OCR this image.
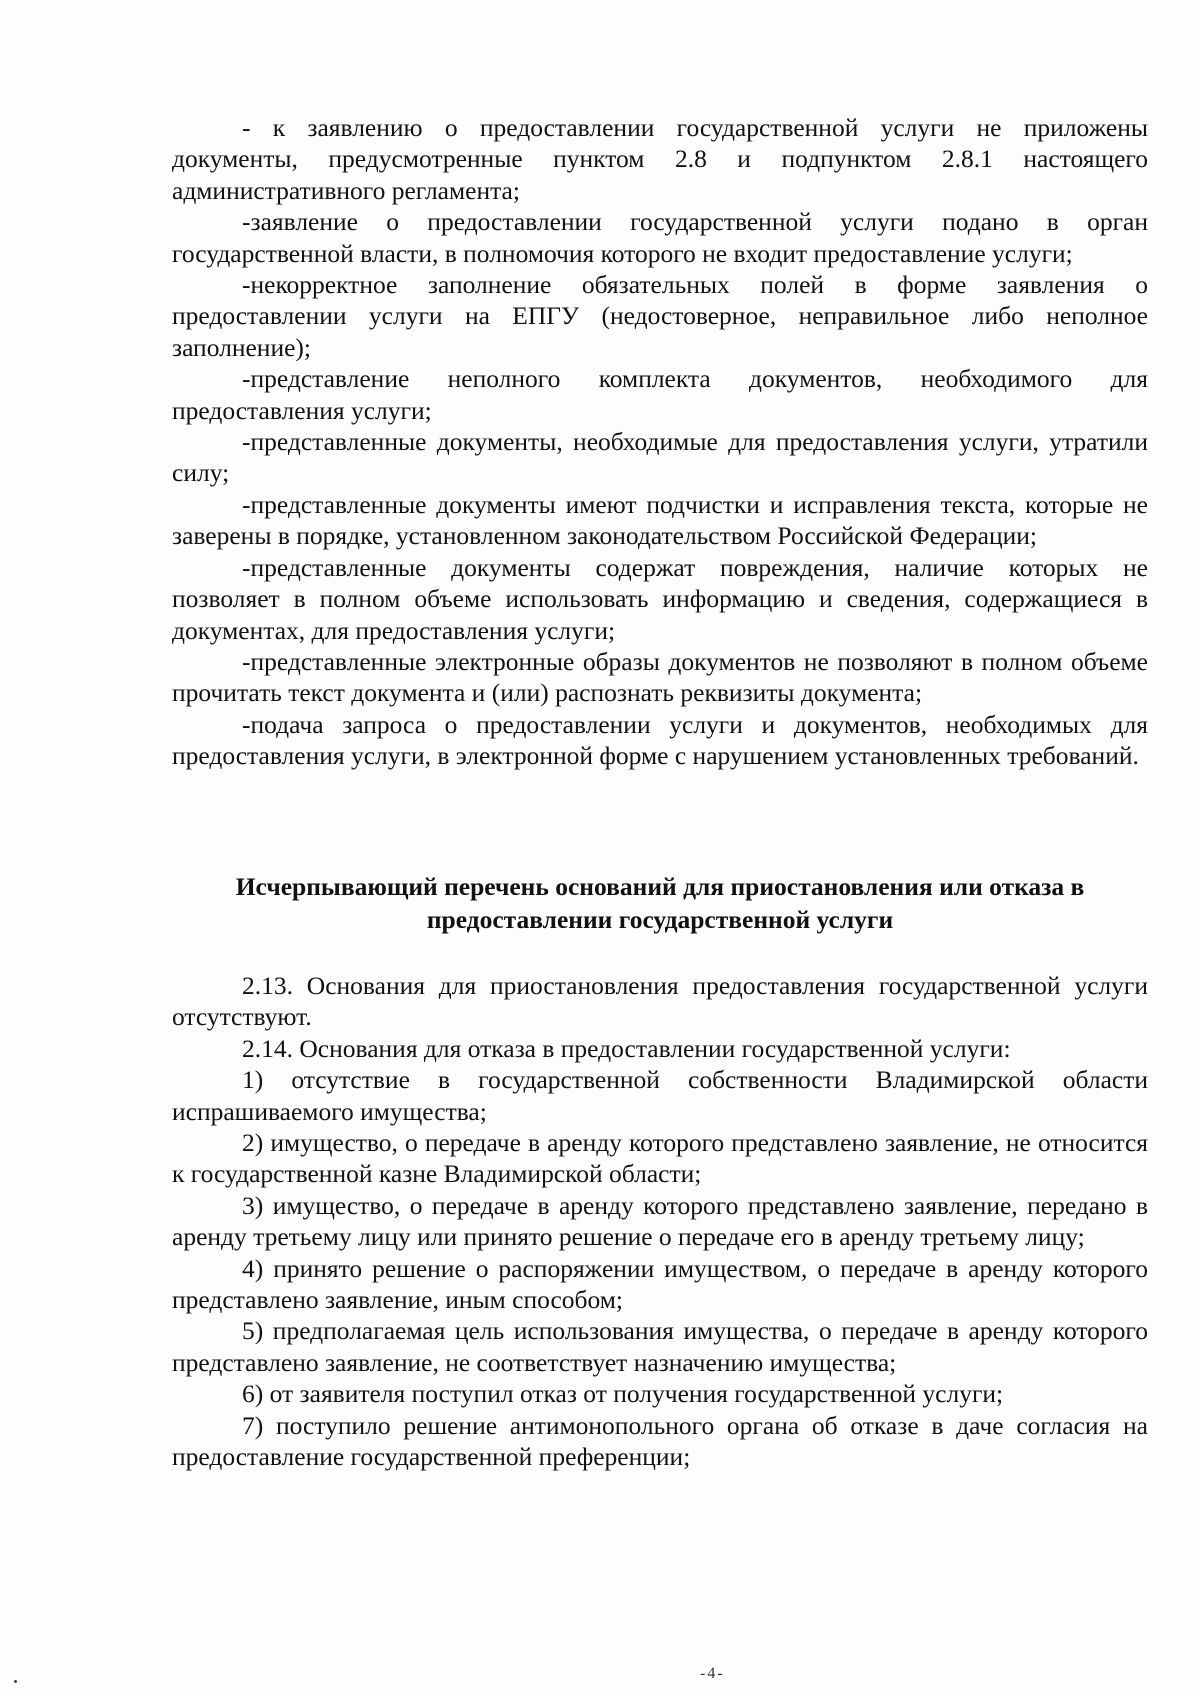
- к заявлению о предоставлении государственной услуги не приложены документы, предусмотренные пунктом 2.8 и подпунктом 2.8.1 настоящего административного регламента;

-заявление о предоставлении государственной услуги подано в орган государственной власти, в полномочия которого не входит предоставление услуги;

-некорректное заполнение обязательных полей в форме заявления о предоставлении услуги на ЕПГУ (недостоверное, неправильное либо неполное заполнение);

-представление неполного комплекта документов, необходимого для предоставления услуги;

-представленные документы, необходимые для предоставления услуги, утратили силу;

-представленные документы имеют подчистки и исправления текста, которые не заверены в порядке, установленном законодательством Российской Федерации;

-представленные документы содержат повреждения, наличие которых не позволяет в полном объеме использовать информацию и сведения, содержащиеся в документах, для предоставления услуги;

-представленные электронные образы документов не позволяют в полном объеме прочитать текст документа и (или) распознать реквизиты документа;

-подача запроса о предоставлении услуги и документов, необходимых для предоставления услуги, в электронной форме с нарушением установленных требований.

Исчерпывающий перечень оснований для приостановления или отказа в предоставлении государственной услуги

2.13. Основания для приостановления предоставления государственной услуги отсутствуют.

2.14. Основания для отказа в предоставлении государственной услуги:

1) отсутствие в государственной собственности Владимирской области испрашиваемого имущества;

2) имущество, о передаче в аренду которого представлено заявление, не относится к государственной казне Владимирской области;

3) имущество, о передаче в аренду которого представлено заявление, передано в аренду третьему лицу или принято решение о передаче его в аренду третьему лицу;

4) принято решение о распоряжении имуществом, о передаче в аренду которого представлено заявление, иным способом;

5) предполагаемая цель использования имущества, о передаче в аренду которого представлено заявление, не соответствует назначению имущества;

6) от заявителя поступил отказ от получения государственной услуги;

7) поступило решение антимонопольного органа об отказе в даче согласия на предоставление государственной преференции;

-4-
